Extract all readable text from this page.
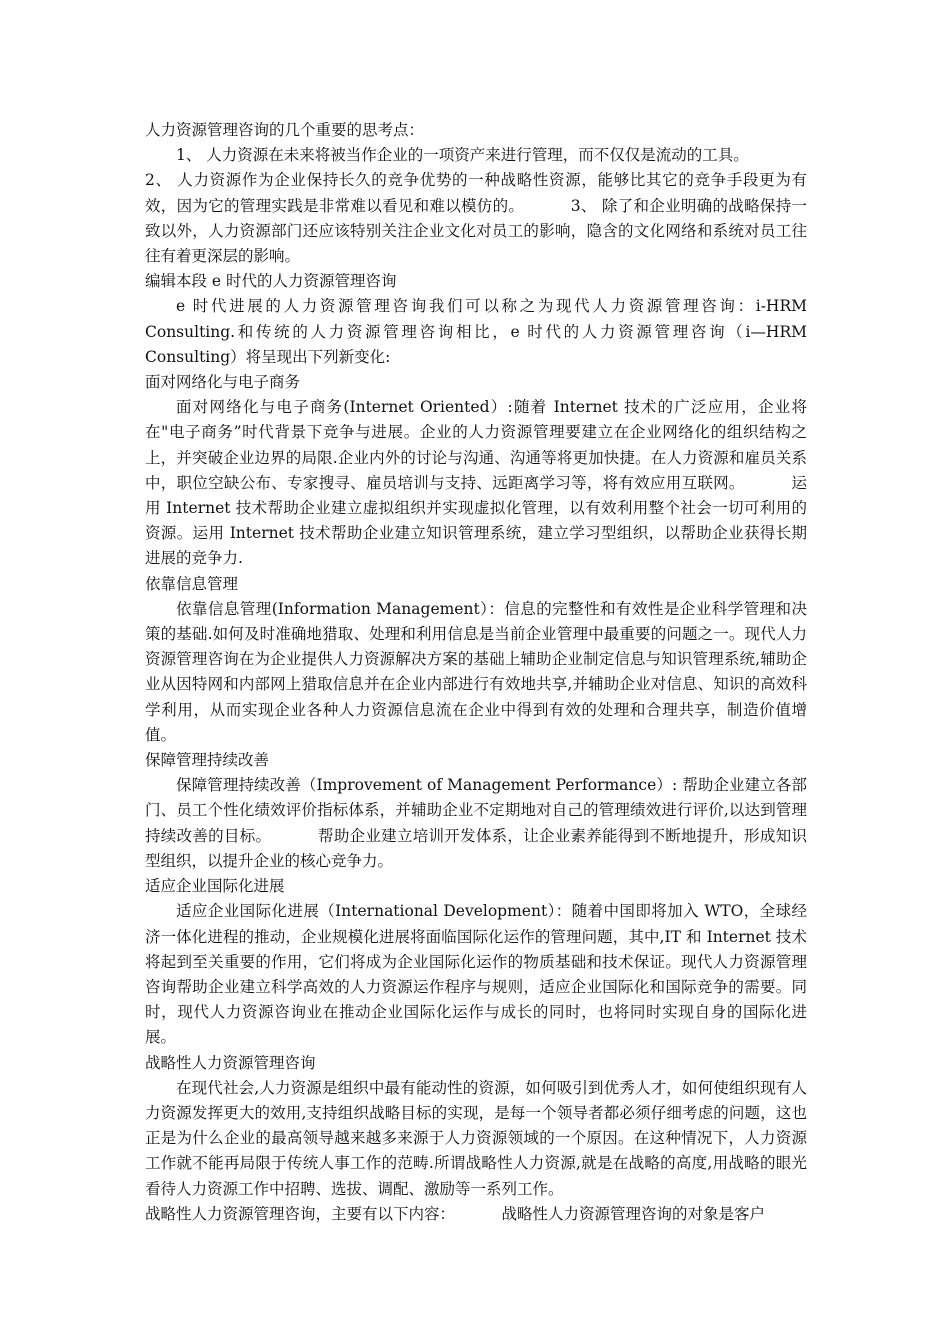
人力资源管理咨询的几个重要的思考点：

1、 人力资源在未来将被当作企业的一项资产来进行管理，而不仅仅是流动的工具。

2、 人力资源作为企业保持长久的竞争优势的一种战略性资源，能够比其它的竞争手段更为有效，因为它的管理实践是非常难以看见和难以模仿的。	3、 除了和企业明确的战略保持一致以外，人力资源部门还应该特别关注企业文化对员工的影响，隐含的文化网络和系统对员工往往有着更深层的影响。

编辑本段 e 时代的人力资源管理咨询

e 时代进展的人力资源管理咨询我们可以称之为现代人力资源管理咨询：i-HRM Consulting.和传统的人力资源管理咨询相比，e 时代的人力资源管理咨询（i—HRM Consulting）将呈现出下列新变化:

面对网络化与电子商务

面对网络化与电子商务(Internet Oriented）:随着 Internet 技术的广泛应用，企业将在"电子商务”时代背景下竞争与进展。企业的人力资源管理要建立在企业网络化的组织结构之上，并突破企业边界的局限.企业内外的讨论与沟通、沟通等将更加快捷。在人力资源和雇员关系中，职位空缺公布、专家搜寻、雇员培训与支持、远距离学习等，将有效应用互联网。	运用 Internet 技术帮助企业建立虚拟组织并实现虚拟化管理，以有效利用整个社会一切可利用的资源。运用 Internet 技术帮助企业建立知识管理系统，建立学习型组织，以帮助企业获得长期进展的竞争力.

依靠信息管理

依靠信息管理(Information Management）：信息的完整性和有效性是企业科学管理和决策的基础.如何及时准确地猎取、处理和利用信息是当前企业管理中最重要的问题之一。现代人力资源管理咨询在为企业提供人力资源解决方案的基础上辅助企业制定信息与知识管理系统,辅助企业从因特网和内部网上猎取信息并在企业内部进行有效地共享,并辅助企业对信息、知识的高效科学利用，从而实现企业各种人力资源信息流在企业中得到有效的处理和合理共享，制造价值增值。

保障管理持续改善

保障管理持续改善（Improvement of Management Performance）: 帮助企业建立各部门、员工个性化绩效评价指标体系，并辅助企业不定期地对自己的管理绩效进行评价,以达到管理持续改善的目标。	帮助企业建立培训开发体系，让企业素养能得到不断地提升，形成知识型组织，以提升企业的核心竞争力。

适应企业国际化进展

适应企业国际化进展（International Development）：随着中国即将加入 WTO，全球经济一体化进程的推动，企业规模化进展将面临国际化运作的管理问题，其中,IT 和 Internet 技术将起到至关重要的作用，它们将成为企业国际化运作的物质基础和技术保证。现代人力资源管理咨询帮助企业建立科学高效的人力资源运作程序与规则，适应企业国际化和国际竞争的需要。同时，现代人力资源咨询业在推动企业国际化运作与成长的同时，也将同时实现自身的国际化进展。

战略性人力资源管理咨询

在现代社会,人力资源是组织中最有能动性的资源，如何吸引到优秀人才，如何使组织现有人力资源发挥更大的效用,支持组织战略目标的实现，是每一个领导者都必须仔细考虑的问题，这也正是为什么企业的最高领导越来越多来源于人力资源领域的一个原因。在这种情况下，人力资源工作就不能再局限于传统人事工作的范畴.所谓战略性人力资源,就是在战略的高度,用战略的眼光看待人力资源工作中招聘、选拔、调配、激励等一系列工作。

战略性人力资源管理咨询，主要有以下内容：	战略性人力资源管理咨询的对象是客户
